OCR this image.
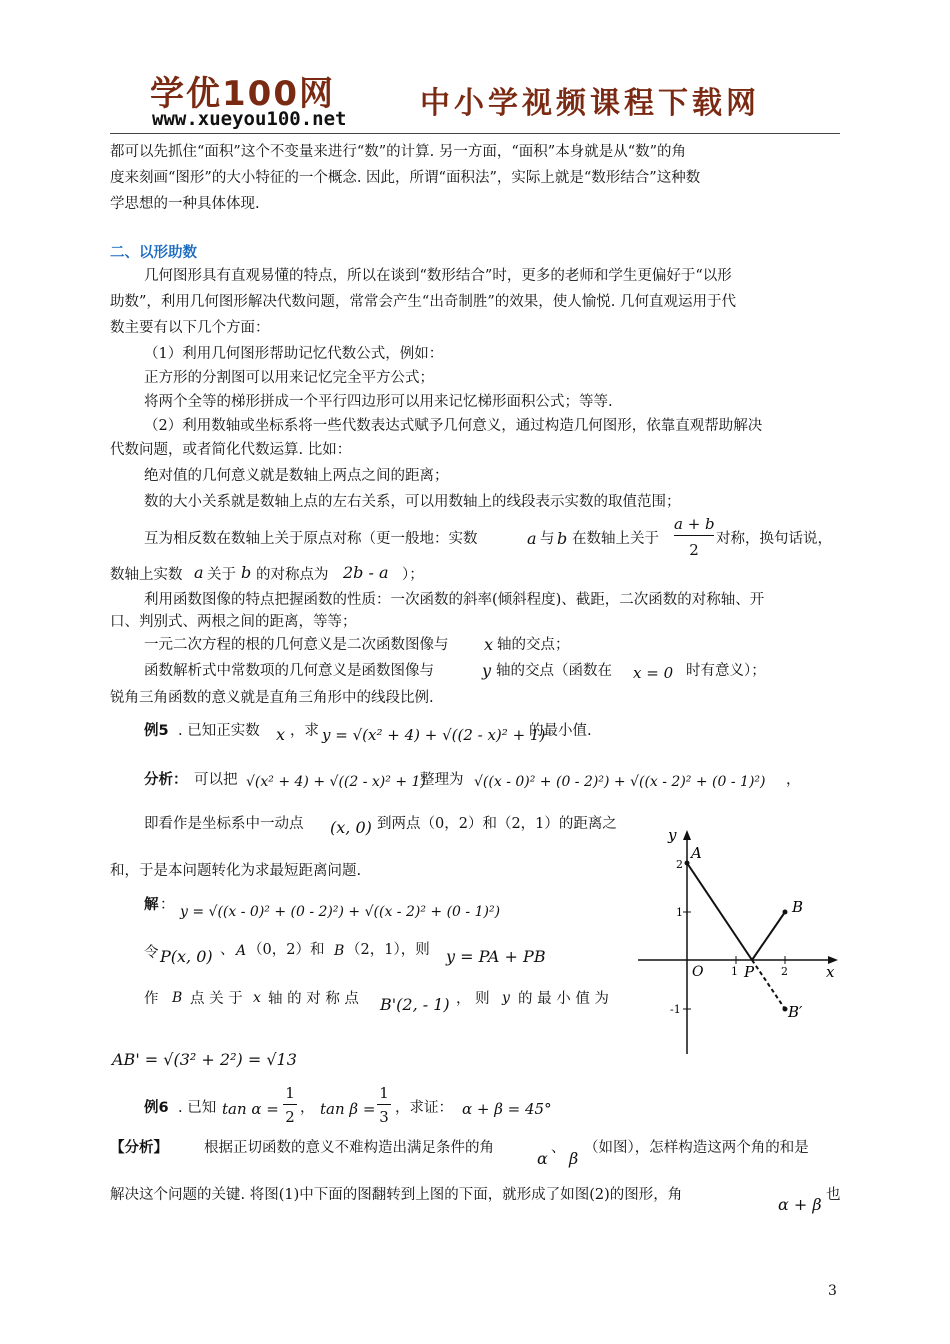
学优100网
www.xueyou100.net 中小学视频课程下载网
都可以先抓住“面积”这个不变量来进行“数”的计算. 另一方面，“面积”本身就是从“数”的角
度来刻画“图形”的大小特征的一个概念. 因此，所谓“面积法”，实际上就是“数形结合”这种数
学思想的一种具体体现.
二、以形助数
几何图形具有直观易懂的特点，所以在谈到“数形结合”时，更多的老师和学生更偏好于“以形
助数”，利用几何图形解决代数问题，常常会产生“出奇制胜”的效果，使人愉悦. 几何直观运用于代
数主要有以下几个方面：
（1）利用几何图形帮助记忆代数公式，例如：
正方形的分割图可以用来记忆完全平方公式；
将两个全等的梯形拼成一个平行四边形可以用来记忆梯形面积公式；等等.
（2）利用数轴或坐标系将一些代数表达式赋予几何意义，通过构造几何图形，依靠直观帮助解决
代数问题，或者简化代数运算. 比如：
绝对值的几何意义就是数轴上两点之间的距离；
数的大小关系就是数轴上点的左右关系，可以用数轴上的线段表示实数的取值范围；
互为相反数在数轴上关于原点对称（更一般地：实数	a 与 b 在数轴上关于
a + b
2
对称，换句话说，
数轴上实数 a 关于 b 的对称点为 2b - a ）；
利用函数图像的特点把握函数的性质：一次函数的斜率(倾斜程度)、截距，二次函数的对称轴、开
口、判别式、两根之间的距离，等等；
一元二次方程的根的几何意义是二次函数图像与 x 轴的交点；
函数解析式中常数项的几何意义是函数图像与	y 轴的交点（函数在 x = 0 时有意义）；
锐角三角函数的意义就是直角三角形中的线段比例.
例5 . 已知正实数 x ，求 y = √(x² + 4) + √((2 - x)² + 1)
的最小值.
分析： 可以把 √(x² + 4) + √((2 - x)² + 1)
整理为 √((x - 0)² + (0 - 2)²) + √((x - 2)² + (0 - 1)²) ，
即看作是坐标系中一动点 (x, 0) 到两点（0，2）和（2，1）的距离之
和，于是本问题转化为求最短距离问题.
解 ： y = √((x - 0)² + (0 - 2)²) + √((x - 2)² + (0 - 1)²)
令 P(x, 0) 、 A （0，2）和 B （2，1），则 y = PA + PB
作 B 点 关 于 x 轴 的 对 称 点 B'(2, - 1) ， 则 y 的 最 小 值 为
AB' = √(3² + 2²) = √13
例6 . 已知 tan α =
1
2 ， tan β =
1
3 ，求证： α + β = 45°
【分析】 根据正切函数的意义不难构造出满足条件的角
α
、
β
（如图），怎样构造这两个角的和是
解决这个问题的关键. 将图(1)中下面的图翻转到上图的下面，就形成了如图(2)的图形，角	α + β 也
y
x
O
2
1
-1
1	2
A
B
P
B′
3
